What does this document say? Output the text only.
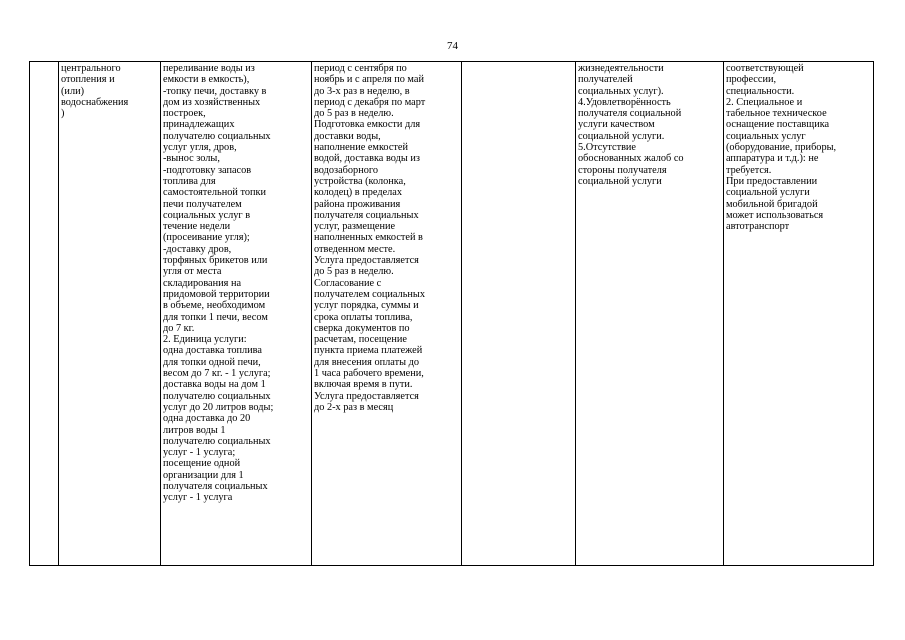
74
центрального
отопления и
(или)
водоснабжения
)
переливание воды из
емкости в емкость),
-топку печи, доставку в
дом из хозяйственных
построек,
принадлежащих
получателю социальных
услуг угля, дров,
-вынос золы,
-подготовку запасов
топлива для
самостоятельной топки
печи получателем
социальных услуг в
течение недели
(просеивание угля);
-доставку дров,
торфяных брикетов или
угля от места
складирования на
придомовой территории
в объеме, необходимом
для топки 1 печи, весом
до 7 кг.
2. Единица услуги:
одна доставка топлива
для топки одной печи,
весом до 7 кг. - 1 услуга;
доставка воды на дом 1
получателю социальных
услуг до 20 литров воды;
одна доставка до 20
литров воды 1
получателю социальных
услуг - 1 услуга;
посещение одной
организации для 1
получателя социальных
услуг - 1 услуга
период с сентября по
ноябрь и с апреля по май
до 3-х раз в неделю, в
период с декабря по март
до 5 раз в неделю.
Подготовка емкости для
доставки воды,
наполнение емкостей
водой, доставка воды из
водозаборного
устройства (колонка,
колодец) в пределах
района проживания
получателя социальных
услуг, размещение
наполненных емкостей в
отведенном месте.
Услуга предоставляется
до 5 раз в неделю.
Согласование с
получателем социальных
услуг порядка, суммы и
срока оплаты топлива,
сверка документов по
расчетам, посещение
пункта приема платежей
для внесения оплаты до
1 часа рабочего времени,
включая время в пути.
Услуга предоставляется
до 2-х раз в месяц
жизнедеятельности
получателей
социальных услуг).
4.Удовлетворённость
получателя социальной
услуги качеством
социальной услуги.
5.Отсутствие
обоснованных жалоб со
стороны получателя
социальной услуги
соответствующей
профессии,
специальности.
2. Специальное и
табельное техническое
оснащение поставщика
социальных услуг
(оборудование, приборы,
аппаратура и т.д.): не
требуется.
При предоставлении
социальной услуги
мобильной бригадой
может использоваться
автотранспорт
